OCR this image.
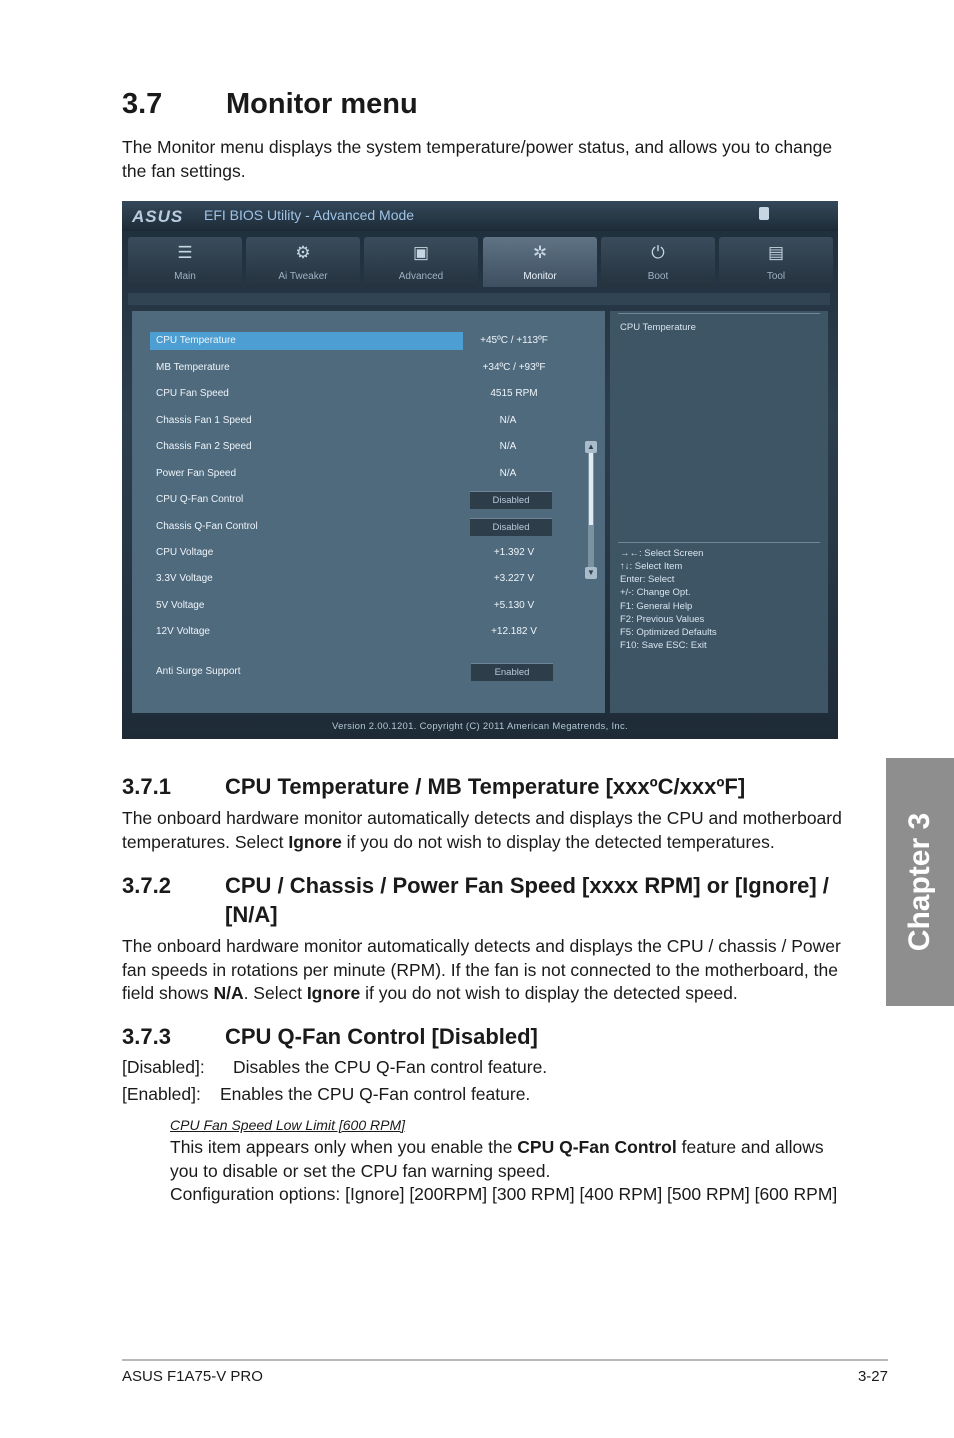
3.7 Monitor menu
The Monitor menu displays the system temperature/power status, and allows you to change the fan settings.
ASUS EFI BIOS Utility - Advanced Mode
☰
Main
⚙
Ai Tweaker
▣
Advanced
✲
Monitor
⏻
Boot
▤
Tool
CPU Temperature	+45ºC / +113ºF
MB Temperature	+34ºC / +93ºF
CPU Fan Speed	4515 RPM
Chassis Fan 1 Speed	N/A
Chassis Fan 2 Speed	N/A
Power Fan Speed	N/A
CPU Q-Fan Control	Disabled
Chassis Q-Fan Control	Disabled
CPU Voltage	+1.392 V
3.3V Voltage	+3.227 V
5V Voltage	+5.130 V
12V Voltage	+12.182 V
Anti Surge Support	Enabled
▲
▼
CPU Temperature
→←: Select Screen
↑↓: Select Item
Enter: Select
+/-: Change Opt.
F1: General Help
F2: Previous Values
F5: Optimized Defaults
F10: Save ESC: Exit
Version 2.00.1201. Copyright (C) 2011 American Megatrends, Inc.
3.7.1 CPU Temperature / MB Temperature [xxxºC/xxxºF]
The onboard hardware monitor automatically detects and displays the CPU and motherboard temperatures. Select Ignore if you do not wish to display the detected temperatures.
3.7.2 CPU / Chassis / Power Fan Speed [xxxx RPM] or [Ignore] /
[N/A]
The onboard hardware monitor automatically detects and displays the CPU / chassis / Power fan speeds in rotations per minute (RPM). If the fan is not connected to the motherboard, the field shows N/A. Select Ignore if you do not wish to display the detected speed.
3.7.3 CPU Q-Fan Control [Disabled]
[Disabled]: Disables the CPU Q-Fan control feature.
[Enabled]: Enables the CPU Q-Fan control feature.
CPU Fan Speed Low Limit [600 RPM]
This item appears only when you enable the CPU Q-Fan Control feature and allows you to disable or set the CPU fan warning speed.
Configuration options: [Ignore] [200RPM] [300 RPM] [400 RPM] [500 RPM] [600 RPM]
Chapter 3
ASUS F1A75-V PRO	3-27
